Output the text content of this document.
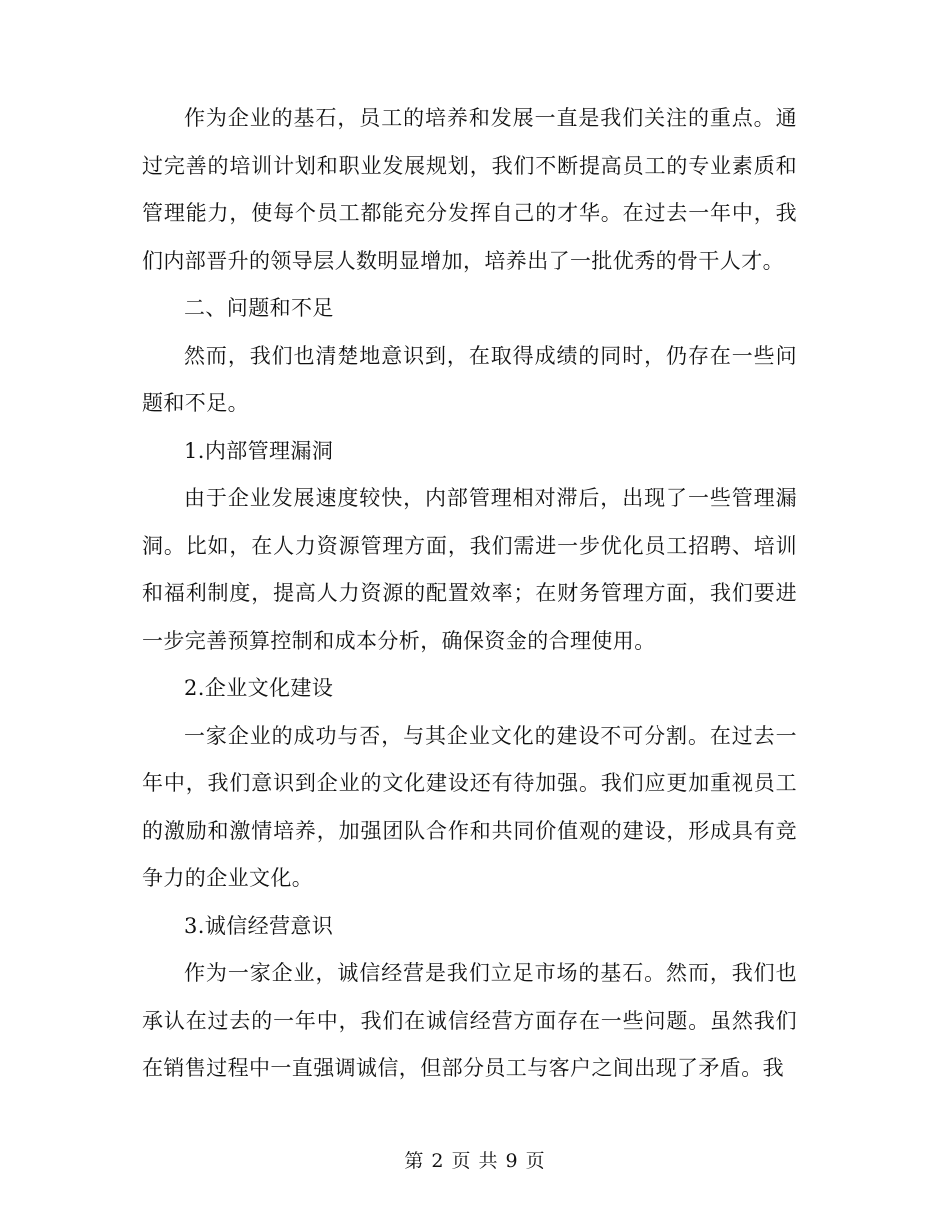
作为企业的基石，员工的培养和发展一直是我们关注的重点。通过完善的培训计划和职业发展规划，我们不断提高员工的专业素质和管理能力，使每个员工都能充分发挥自己的才华。在过去一年中，我们内部晋升的领导层人数明显增加，培养出了一批优秀的骨干人才。

二、问题和不足

然而，我们也清楚地意识到，在取得成绩的同时，仍存在一些问题和不足。

1.内部管理漏洞

由于企业发展速度较快，内部管理相对滞后，出现了一些管理漏洞。比如，在人力资源管理方面，我们需进一步优化员工招聘、培训和福利制度，提高人力资源的配置效率；在财务管理方面，我们要进一步完善预算控制和成本分析，确保资金的合理使用。

2.企业文化建设

一家企业的成功与否，与其企业文化的建设不可分割。在过去一年中，我们意识到企业的文化建设还有待加强。我们应更加重视员工的激励和激情培养，加强团队合作和共同价值观的建设，形成具有竞争力的企业文化。

3.诚信经营意识

作为一家企业，诚信经营是我们立足市场的基石。然而，我们也承认在过去的一年中，我们在诚信经营方面存在一些问题。虽然我们在销售过程中一直强调诚信，但部分员工与客户之间出现了矛盾。我

第 2 页 共 9 页
